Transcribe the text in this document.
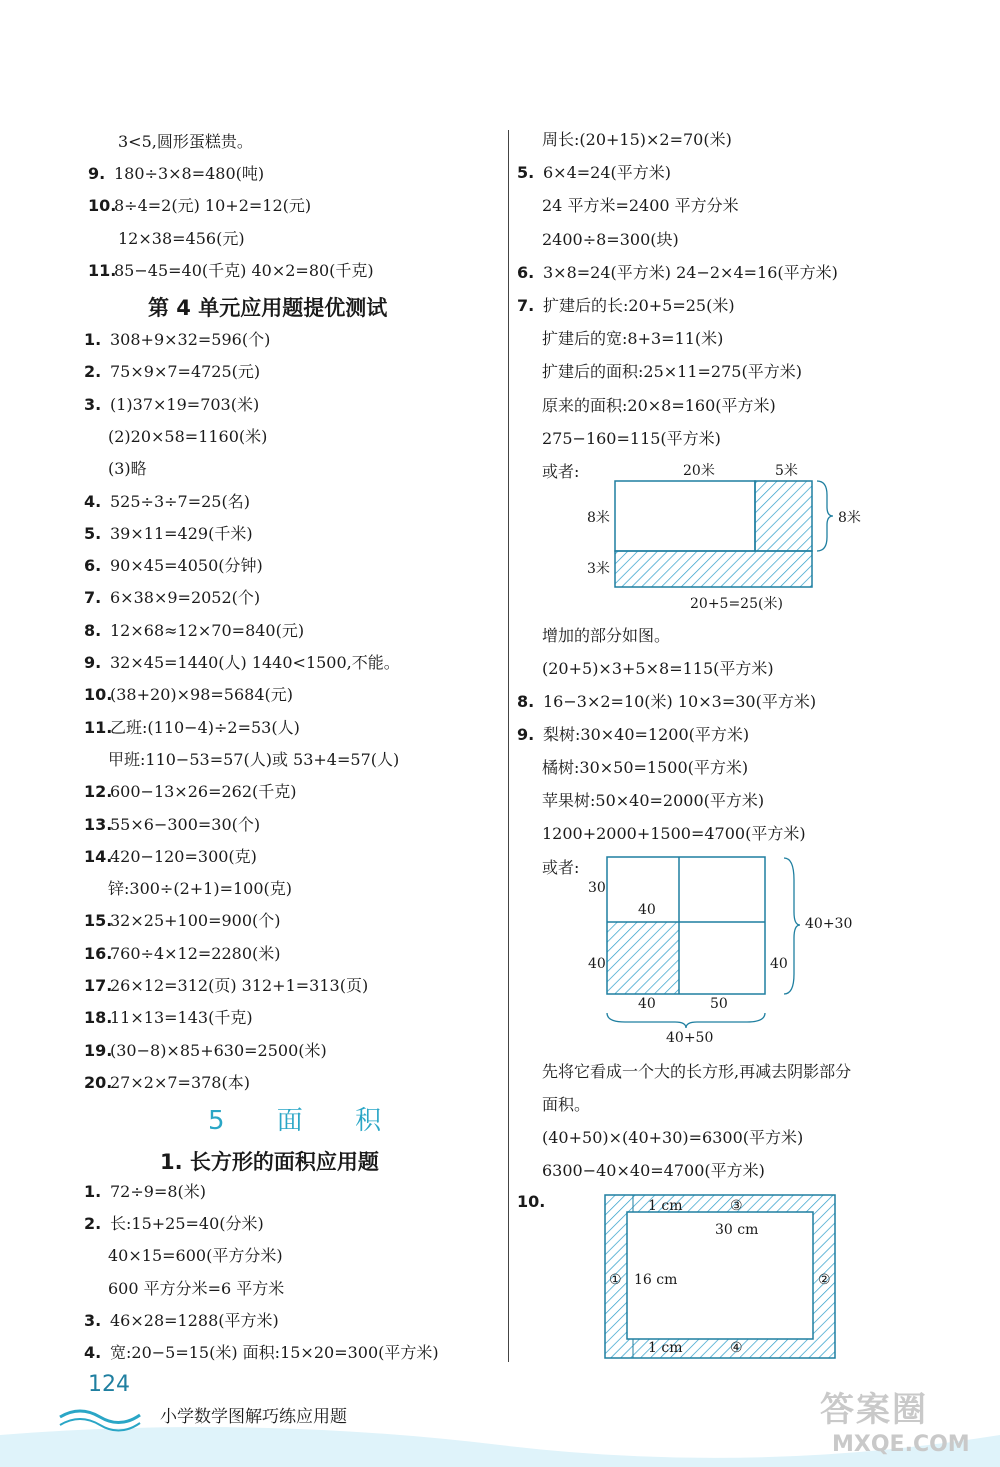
3<5,圆形蛋糕贵。
9. 180÷3×8=480(吨)
10.8÷4=2(元) 10+2=12(元)
12×38=456(元)
11.85−45=40(千克) 40×2=80(千克)
1. 308+9×32=596(个)
2. 75×9×7=4725(元)
3. (1)37×19=703(米)
(2)20×58=1160(米)
(3)略
4. 525÷3÷7=25(名)
5. 39×11=429(千米)
6. 90×45=4050(分钟)
7. 6×38×9=2052(个)
8. 12×68≈12×70=840(元)
9. 32×45=1440(人) 1440<1500,不能。
10.(38+20)×98=5684(元)
11.乙班:(110−4)÷2=53(人)
甲班:110−53=57(人)或 53+4=57(人)
12.600−13×26=262(千克)
13.55×6−300=30(个)
14.420−120=300(克)
锌:300÷(2+1)=100(克)
15.32×25+100=900(个)
16.760÷4×12=2280(米)
17.26×12=312(页) 312+1=313(页)
18.11×13=143(千克)
19.(30−8)×85+630=2500(米)
20.27×2×7=378(本)
1. 72÷9=8(米)
2. 长:15+25=40(分米)
40×15=600(平方分米)
600 平方分米=6 平方米
3. 46×28=1288(平方米)
4. 宽:20−5=15(米) 面积:15×20=300(平方米)
周长:(20+15)×2=70(米)
5. 6×4=24(平方米)
24 平方米=2400 平方分米
2400÷8=300(块)
6. 3×8=24(平方米) 24−2×4=16(平方米)
7. 扩建后的长:20+5=25(米)
扩建后的宽:8+3=11(米)
扩建后的面积:25×11=275(平方米)
原来的面积:20×8=160(平方米)
275−160=115(平方米)
或者:
增加的部分如图。
(20+5)×3+5×8=115(平方米)
8. 16−3×2=10(米) 10×3=30(平方米)
9. 梨树:30×40=1200(平方米)
橘树:30×50=1500(平方米)
苹果树:50×40=2000(平方米)
1200+2000+1500=4700(平方米)
先将它看成一个大的长方形,再减去阴影部分
面积。
(40+50)×(40+30)=6300(平方米)
6300−40×40=4700(平方米)
第 4 单元应用题提优测试
5 面 积
1. 长方形的面积应用题
20米	5米
8米	8米
3米
20+5=25(米)
或者:
30
40
40+30
40	40
40	50
40+50
10.	1 cm	③
30 cm
① 16 cm	②
1 cm	④
124
小学数学图解巧练应用题	答案圈
MXQE.COM
